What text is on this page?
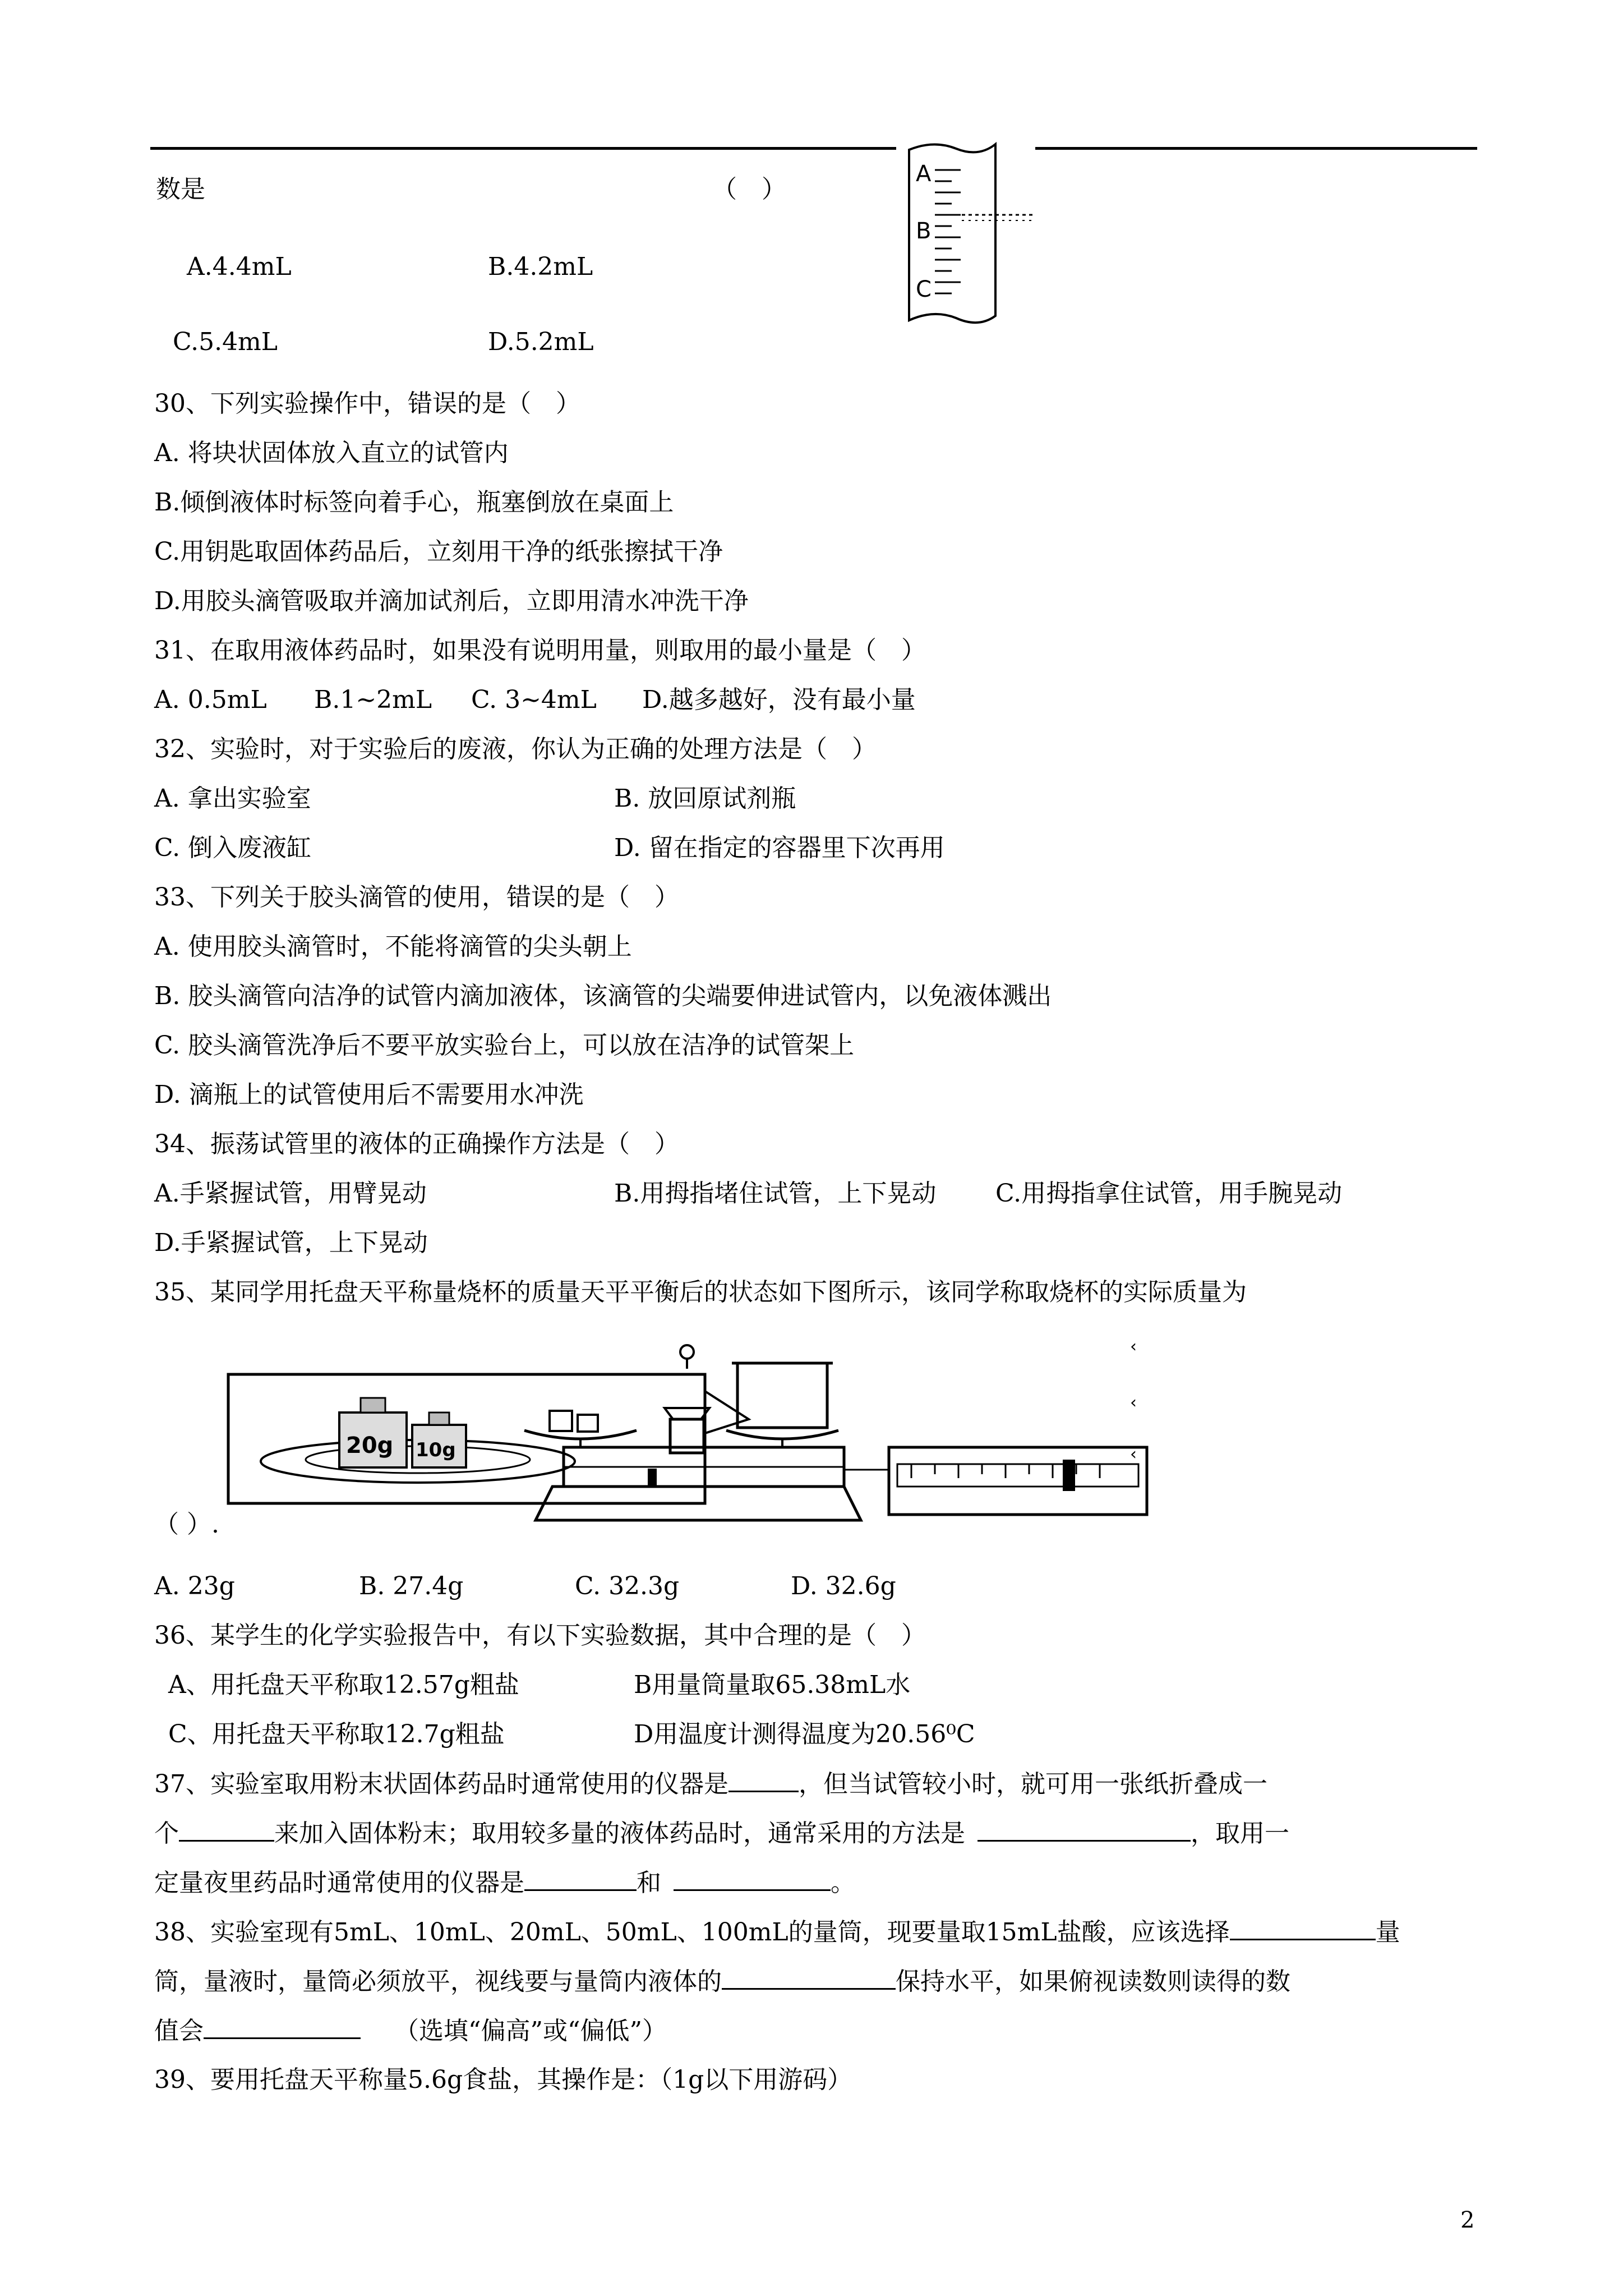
数是	（　）
A.4.4mL	B.4.2mL
C.5.4mL	D.5.2mL
A
B
C
30、下列实验操作中，错误的是（　）
A. 将块状固体放入直立的试管内
B.倾倒液体时标签向着手心，瓶塞倒放在桌面上
C.用钥匙取固体药品后，立刻用干净的纸张擦拭干净
D.用胶头滴管吸取并滴加试剂后，立即用清水冲洗干净
31、在取用液体药品时，如果没有说明用量，则取用的最小量是（　）
A. 0.5mL B.1~2mL C. 3~4mL D.越多越好，没有最小量
32、实验时，对于实验后的废液，你认为正确的处理方法是（　）
A. 拿出实验室	B. 放回原试剂瓶
C. 倒入废液缸	D. 留在指定的容器里下次再用
33、下列关于胶头滴管的使用，错误的是（　）
A. 使用胶头滴管时，不能将滴管的尖头朝上
B. 胶头滴管向洁净的试管内滴加液体，该滴管的尖端要伸进试管内，以免液体溅出
C. 胶头滴管洗净后不要平放实验台上，可以放在洁净的试管架上
D. 滴瓶上的试管使用后不需要用水冲洗
34、振荡试管里的液体的正确操作方法是（　）
A.手紧握试管，用臂晃动	B.用拇指堵住试管，上下晃动 C.用拇指拿住试管，用手腕晃动
D.手紧握试管，上下晃动
35、某同学用托盘天平称量烧杯的质量天平平衡后的状态如下图所示，该同学称取烧杯的实际质量为
20g 10g
‹
‹
‹
（ ）.
A. 23g	B. 27.4g	C. 32.3g	D. 32.6g
36、某学生的化学实验报告中，有以下实验数据，其中合理的是（　）
A、用托盘天平称取12.57g粗盐	B用量筒量取65.38mL水
C、用托盘天平称取12.7g粗盐	D用温度计测得温度为20.56⁰C
37、实验室取用粉末状固体药品时通常使用的仪器是	，但当试管较小时，就可用一张纸折叠成一
个	来加入固体粉末；取用较多量的液体药品时，通常采用的方法是	，取用一
定量夜里药品时通常使用的仪器是	和	。
38、实验室现有5mL、10mL、20mL、50mL、100mL的量筒，现要量取15mL盐酸，应该选择	量
筒，量液时，量筒必须放平，视线要与量筒内液体的	保持水平，如果俯视读数则读得的数
值会	（选填“偏高”或“偏低”）
39、要用托盘天平称量5.6g食盐，其操作是：（1g以下用游码）
2
